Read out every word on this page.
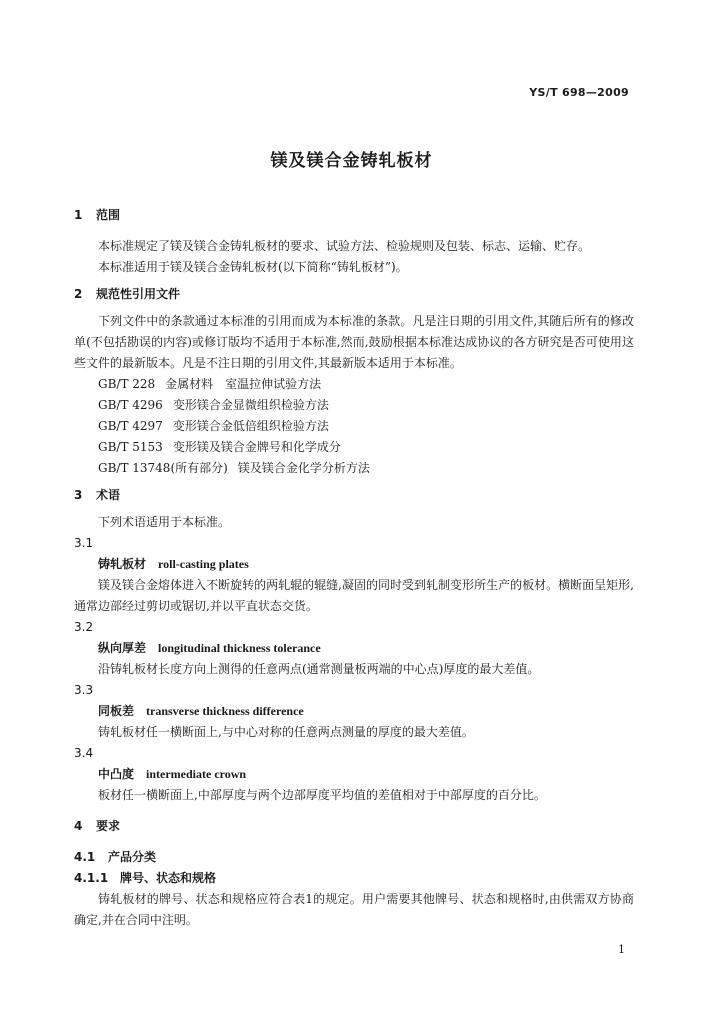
YS/T 698—2009
镁及镁合金铸轧板材

1 范围

本标准规定了镁及镁合金铸轧板材的要求、试验方法、检验规则及包装、标志、运输、贮存。

本标准适用于镁及镁合金铸轧板材(以下简称“铸轧板材”)。

2 规范性引用文件

下列文件中的条款通过本标准的引用而成为本标准的条款。凡是注日期的引用文件,其随后所有的修改单(不包括勘误的内容)或修订版均不适用于本标准,然而,鼓励根据本标准达成协议的各方研究是否可使用这些文件的最新版本。凡是不注日期的引用文件,其最新版本适用于本标准。

GB/T 228 金属材料　室温拉伸试验方法

GB/T 4296 变形镁合金显微组织检验方法

GB/T 4297 变形镁合金低倍组织检验方法

GB/T 5153 变形镁及镁合金牌号和化学成分

GB/T 13748(所有部分) 镁及镁合金化学分析方法

3 术语

下列术语适用于本标准。

3.1

铸轧板材 roll-casting plates

镁及镁合金熔体进入不断旋转的两轧辊的辊缝,凝固的同时受到轧制变形所生产的板材。横断面呈矩形,通常边部经过剪切或锯切,并以平直状态交货。

3.2

纵向厚差 longitudinal thickness tolerance

沿铸轧板材长度方向上测得的任意两点(通常测量板两端的中心点)厚度的最大差值。

3.3

同板差 transverse thickness difference

铸轧板材任一横断面上,与中心对称的任意两点测量的厚度的最大差值。

3.4

中凸度 intermediate crown

板材任一横断面上,中部厚度与两个边部厚度平均值的差值相对于中部厚度的百分比。

4 要求

4.1 产品分类

4.1.1 牌号、状态和规格

铸轧板材的牌号、状态和规格应符合表1的规定。用户需要其他牌号、状态和规格时,由供需双方协商确定,并在合同中注明。

1
